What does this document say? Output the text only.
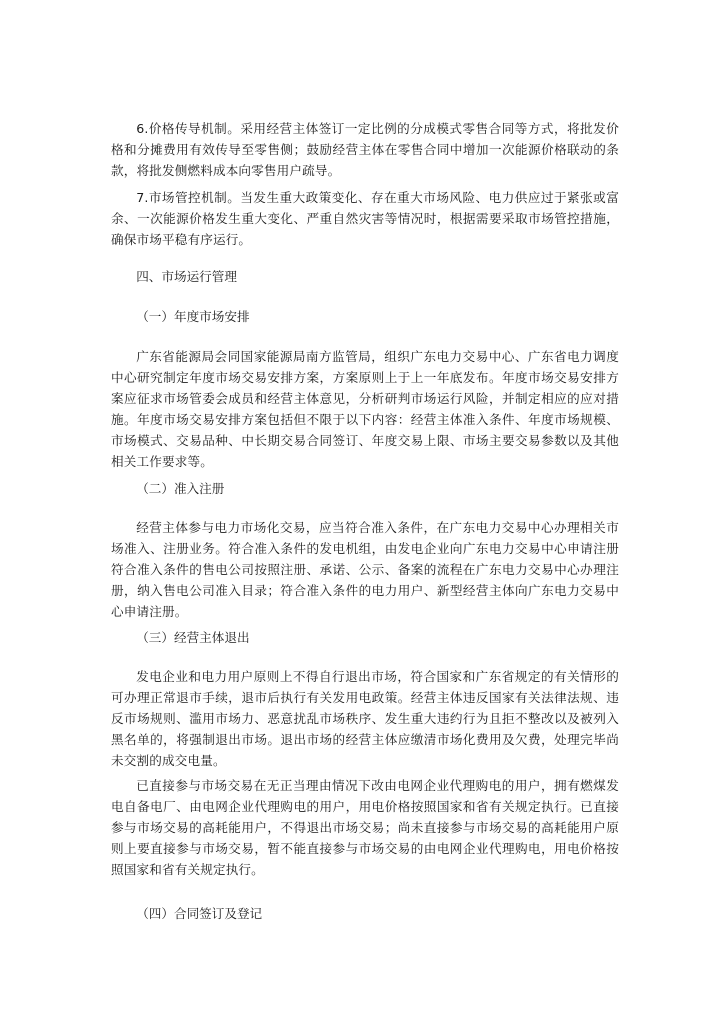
6.价格传导机制。采用经营主体签订一定比例的分成模式零售合同等方式，将批发价格和分摊费用有效传导至零售侧；鼓励经营主体在零售合同中增加一次能源价格联动的条款，将批发侧燃料成本向零售用户疏导。

7.市场管控机制。当发生重大政策变化、存在重大市场风险、电力供应过于紧张或富余、一次能源价格发生重大变化、严重自然灾害等情况时，根据需要采取市场管控措施，确保市场平稳有序运行。

四、市场运行管理

（一）年度市场安排

广东省能源局会同国家能源局南方监管局，组织广东电力交易中心、广东省电力调度中心研究制定年度市场交易安排方案，方案原则上于上一年底发布。年度市场交易安排方案应征求市场管委会成员和经营主体意见，分析研判市场运行风险，并制定相应的应对措施。年度市场交易安排方案包括但不限于以下内容：经营主体准入条件、年度市场规模、市场模式、交易品种、中长期交易合同签订、年度交易上限、市场主要交易参数以及其他相关工作要求等。

（二）准入注册

经营主体参与电力市场化交易，应当符合准入条件，在广东电力交易中心办理相关市场准入、注册业务。符合准入条件的发电机组，由发电企业向广东电力交易中心申请注册符合准入条件的售电公司按照注册、承诺、公示、备案的流程在广东电力交易中心办理注册，纳入售电公司准入目录；符合准入条件的电力用户、新型经营主体向广东电力交易中心申请注册。

（三）经营主体退出

发电企业和电力用户原则上不得自行退出市场，符合国家和广东省规定的有关情形的可办理正常退市手续，退市后执行有关发用电政策。经营主体违反国家有关法律法规、违反市场规则、滥用市场力、恶意扰乱市场秩序、发生重大违约行为且拒不整改以及被列入黑名单的，将强制退出市场。退出市场的经营主体应缴清市场化费用及欠费，处理完毕尚未交割的成交电量。

已直接参与市场交易在无正当理由情况下改由电网企业代理购电的用户，拥有燃煤发电自备电厂、由电网企业代理购电的用户，用电价格按照国家和省有关规定执行。已直接参与市场交易的高耗能用户，不得退出市场交易；尚未直接参与市场交易的高耗能用户原则上要直接参与市场交易，暂不能直接参与市场交易的由电网企业代理购电，用电价格按照国家和省有关规定执行。

（四）合同签订及登记
